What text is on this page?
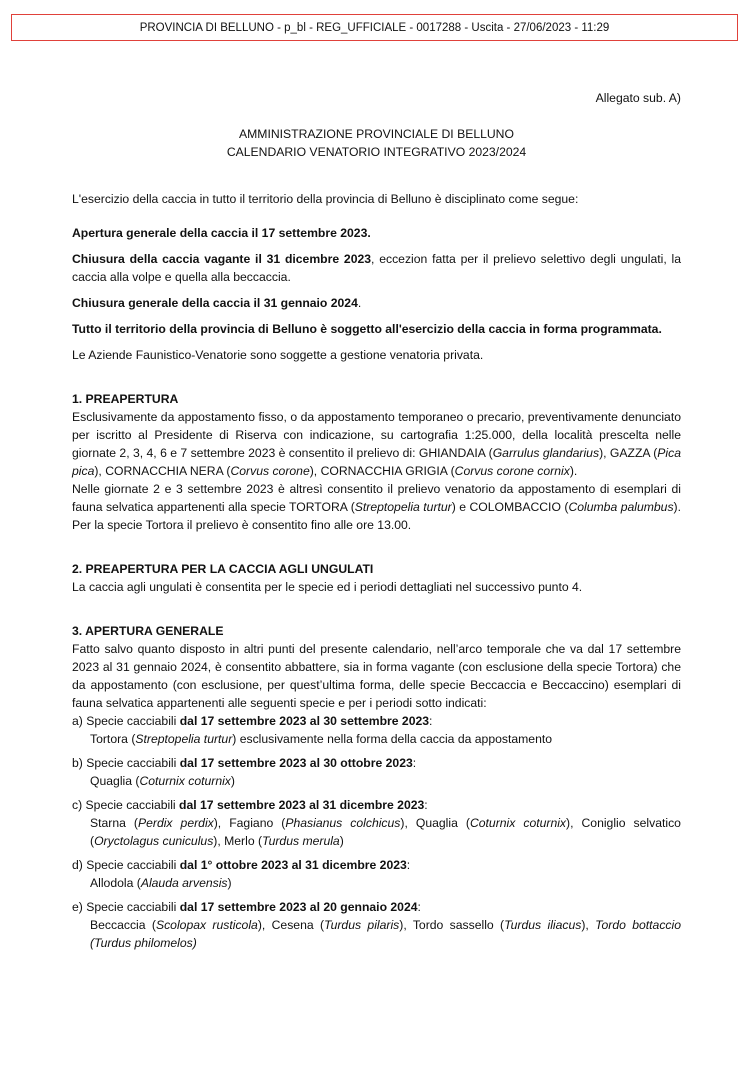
PROVINCIA DI BELLUNO - p_bl - REG_UFFICIALE - 0017288 - Uscita - 27/06/2023 - 11:29
Allegato sub. A)
AMMINISTRAZIONE PROVINCIALE DI BELLUNO
CALENDARIO VENATORIO INTEGRATIVO 2023/2024

L'esercizio della caccia in tutto il territorio della provincia di Belluno è disciplinato come segue:

Apertura generale della caccia il 17 settembre 2023.

Chiusura della caccia vagante il 31 dicembre 2023, eccezion fatta per il prelievo selettivo degli ungulati, la caccia alla volpe e quella alla beccaccia.

Chiusura generale della caccia il 31 gennaio 2024.

Tutto il territorio della provincia di Belluno è soggetto all'esercizio della caccia in forma programmata.

Le Aziende Faunistico-Venatorie sono soggette a gestione venatoria privata.

1. PREAPERTURA

Esclusivamente da appostamento fisso, o da appostamento temporaneo o precario, preventivamente denunciato per iscritto al Presidente di Riserva con indicazione, su cartografia 1:25.000, della località prescelta nelle giornate 2, 3, 4, 6 e 7 settembre 2023 è consentito il prelievo di: GHIANDAIA (Garrulus glandarius), GAZZA (Pica pica), CORNACCHIA NERA (Corvus corone), CORNACCHIA GRIGIA (Corvus corone cornix).

Nelle giornate 2 e 3 settembre 2023 è altresì consentito il prelievo venatorio da appostamento di esemplari di fauna selvatica appartenenti alla specie TORTORA (Streptopelia turtur) e COLOMBACCIO (Columba palumbus). Per la specie Tortora il prelievo è consentito fino alle ore 13.00.

2. PREAPERTURA PER LA CACCIA AGLI UNGULATI

La caccia agli ungulati è consentita per le specie ed i periodi dettagliati nel successivo punto 4.

3. APERTURA GENERALE

Fatto salvo quanto disposto in altri punti del presente calendario, nell’arco temporale che va dal 17 settembre 2023 al 31 gennaio 2024, è consentito abbattere, sia in forma vagante (con esclusione della specie Tortora) che da appostamento (con esclusione, per quest’ultima forma, delle specie Beccaccia e Beccaccino) esemplari di fauna selvatica appartenenti alle seguenti specie e per i periodi sotto indicati:

a) Specie cacciabili dal 17 settembre 2023 al 30 settembre 2023:

Tortora (Streptopelia turtur) esclusivamente nella forma della caccia da appostamento

b) Specie cacciabili dal 17 settembre 2023 al 30 ottobre 2023:

Quaglia (Coturnix coturnix)

c) Specie cacciabili dal 17 settembre 2023 al 31 dicembre 2023:

Starna (Perdix perdix), Fagiano (Phasianus colchicus), Quaglia (Coturnix coturnix), Coniglio selvatico (Oryctolagus cuniculus), Merlo (Turdus merula)

d) Specie cacciabili dal 1° ottobre 2023 al 31 dicembre 2023:

Allodola (Alauda arvensis)

e) Specie cacciabili dal 17 settembre 2023 al 20 gennaio 2024:

Beccaccia (Scolopax rusticola), Cesena (Turdus pilaris), Tordo sassello (Turdus iliacus), Tordo bottaccio (Turdus philomelos)
